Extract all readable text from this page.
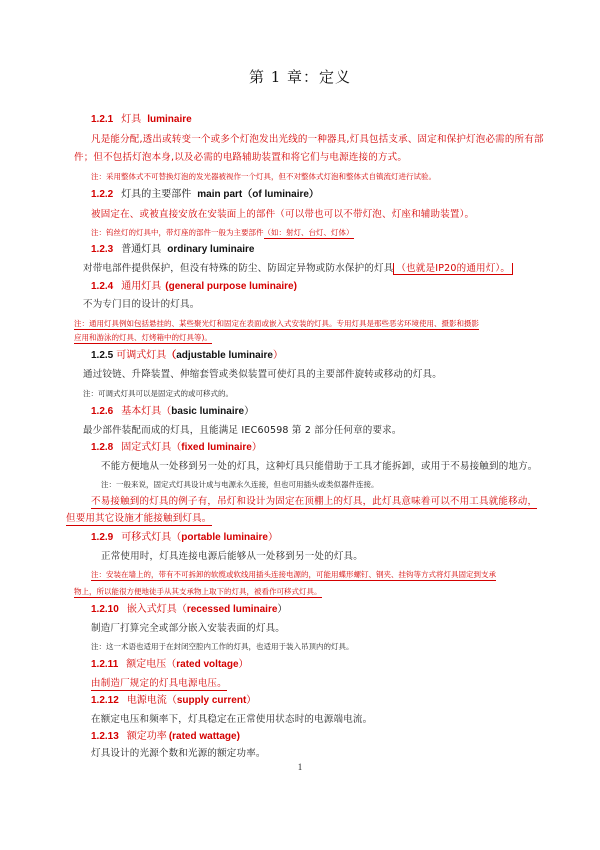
第 1 章：定义
1.2.1 灯具 luminaire
凡是能分配,透出或转变一个或多个灯泡发出光线的一种器具,灯具包括支承、固定和保护灯泡必需的所有部
件；但不包括灯泡本身,以及必需的电路辅助装置和将它们与电源连接的方式。
注：采用整体式不可替换灯泡的发光器被视作一个灯具，但不对整体式灯泡和整体式自镇流灯进行试验。
1.2.2 灯具的主要部件 main part（of luminaire）
被固定在、或被直接安放在安装面上的部件（可以带也可以不带灯泡、灯座和辅助装置）。
注：钨丝灯的灯具中，带灯座的部件一般为主要部件（如：射灯、台灯、灯体）
1.2.3 普通灯具 ordinary luminaire
对带电部件提供保护，但没有特殊的防尘、防固定异物或防水保护的灯具 （也就是IP20的通用灯）。
1.2.4 通用灯具 (general purpose luminaire)
不为专门目的设计的灯具。
注：通用灯具例如包括悬挂的、某些聚光灯和固定在表面或嵌入式安装的灯具。专用灯具是那些恶劣环境使用、摄影和摄影
应用和游泳的灯具、灯烤箱中的灯具等)。
1.2.5 可调式灯具（adjustable luminaire）
通过铰链、升降装置、伸缩套管或类似装置可使灯具的主要部件旋转或移动的灯具。
注：可调式灯具可以是固定式的或可移式的。
1.2.6 基本灯具（basic luminaire）
最少部件装配而成的灯具，且能满足 IEC60598 第 2 部分任何章的要求。
1.2.8 固定式灯具（fixed luminaire）
不能方便地从一处移到另一处的灯具，这种灯具只能借助于工具才能拆卸，或用于不易接触到的地方。
注：一般来说，固定式灯具设计成与电源永久连接，但也可用插头或类似器件连接。
不易接触到的灯具的例子有，吊灯和设计为固定在顶棚上的灯具，此灯具意味着可以不用工具就能移动，
但要用其它设施才能接触到灯具。
1.2.9 可移式灯具（portable luminaire）
正常使用时，灯具连接电源后能够从一处移到另一处的灯具。
注：安装在墙上的，带有不可拆卸的软缆或软线用插头连接电源的，可能用蝶形螺钉、钢夹、挂钩等方式将灯具固定到支承
物上，所以能很方便地徒手从其支承物上取下的灯具，被看作可移式灯具。
1.2.10 嵌入式灯具（recessed luminaire）
制造厂打算完全或部分嵌入安装表面的灯具。
注：这一术语也适用于在封闭空腔内工作的灯具，也适用于装入吊顶内的灯具。
1.2.11 额定电压（rated voltage）
由制造厂规定的灯具电源电压。
1.2.12 电源电流（supply current）
在额定电压和频率下，灯具稳定在正常使用状态时的电源端电流。
1.2.13 额定功率 (rated wattage)
灯具设计的光源个数和光源的额定功率。
1
